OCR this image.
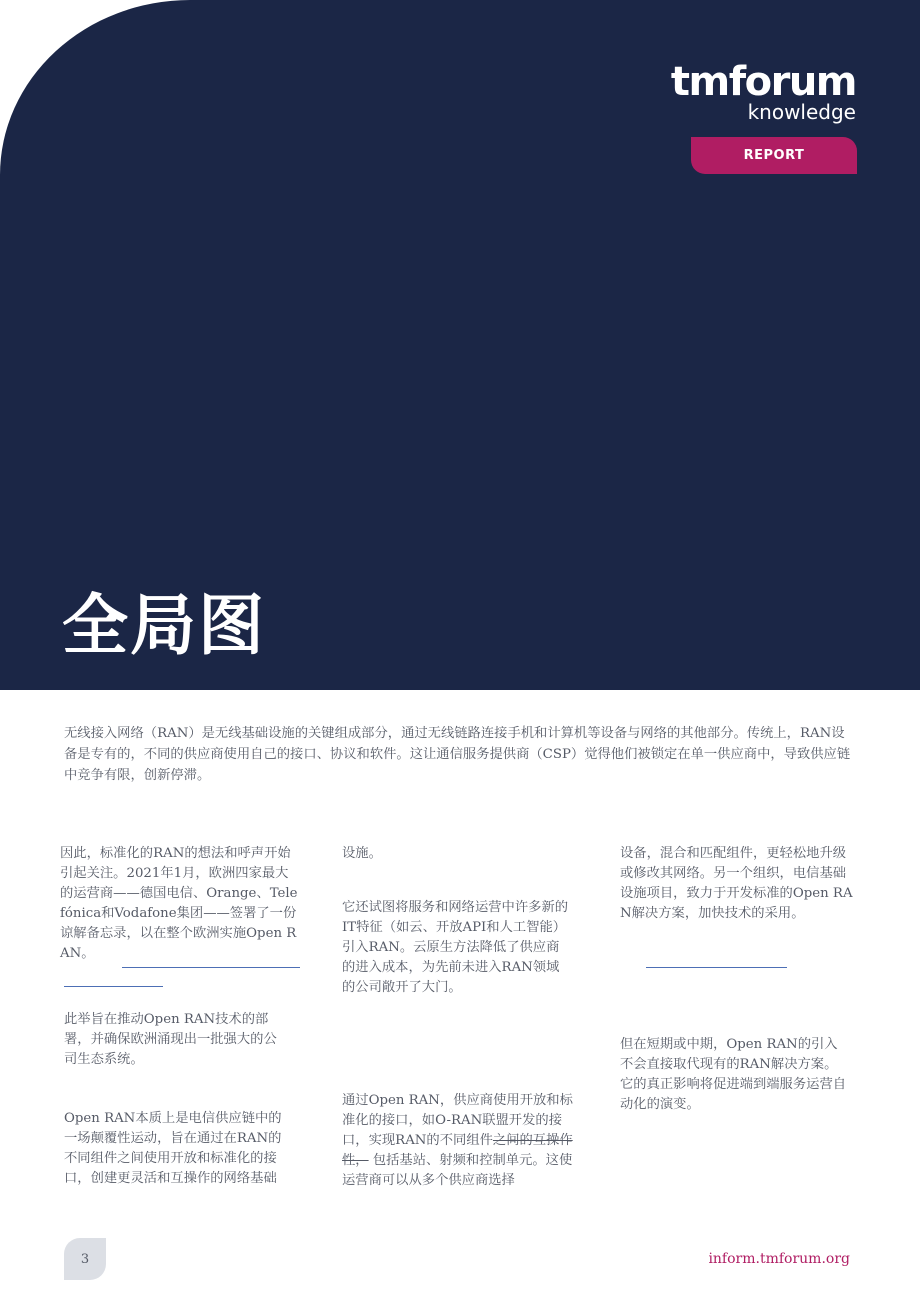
tmforum
knowledge
REPORT
全局图

无线接入网络（RAN）是无线基础设施的关键组成部分，通过无线链路连接手机和计算机等设备与网络的其他部分。传统上，RAN设备是专有的，不同的供应商使用自己的接口、协议和软件。这让通信服务提供商（CSP）觉得他们被锁定在单一供应商中，导致供应链中竞争有限，创新停滞。

因此，标准化的RAN的想法和呼声开始引起关注。2021年1月，欧洲四家最大的运营商——德国电信、Orange、Telefónica和Vodafone集团——签署了一份谅解备忘录，以在整个欧洲实施Open RAN。

此举旨在推动Open RAN技术的部署，并确保欧洲涌现出一批强大的公司生态系统。

Open RAN本质上是电信供应链中的一场颠覆性运动，旨在通过在RAN的不同组件之间使用开放和标准化的接口，创建更灵活和互操作的网络基础

设施。

它还试图将服务和网络运营中许多新的IT特征（如云、开放API和人工智能）引入RAN。云原生方法降低了供应商的进入成本，为先前未进入RAN领域的公司敞开了大门。

通过Open RAN，供应商使用开放和标准化的接口，如O-RAN联盟开发的接口，实现RAN的不同组件之间的互操作性， 包括基站、射频和控制单元。这使运营商可以从多个供应商选择

设备，混合和匹配组件，更轻松地升级或修改其网络。另一个组织，电信基础设施项目，致力于开发标准的Open RAN解决方案，加快技术的采用。

但在短期或中期，Open RAN的引入不会直接取代现有的RAN解决方案。它的真正影响将促进端到端服务运营自动化的演变。

3	inform.tmforum.org
